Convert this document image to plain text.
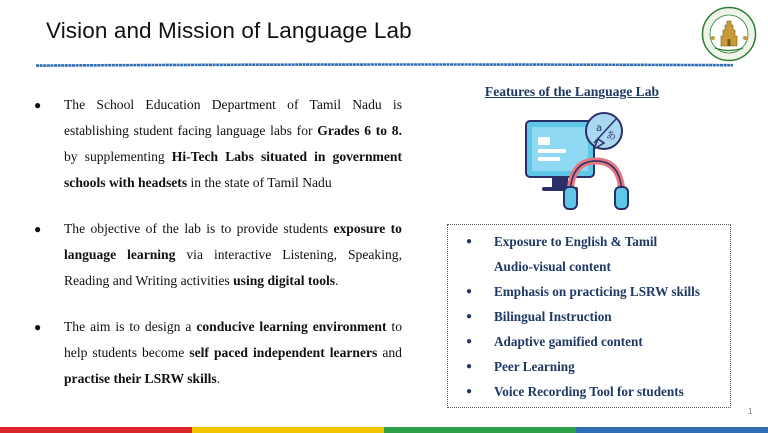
Vision and Mission of Language Lab
● The School Education Department of Tamil Nadu is establishing student facing language labs for Grades 6 to 8. by supplementing Hi-Tech Labs situated in government schools with headsets in the state of Tamil Nadu
● The objective of the lab is to provide students exposure to language learning via interactive Listening, Speaking, Reading and Writing activities using digital tools.
● The aim is to design a conducive learning environment to help students become self paced independent learners and practise their LSRW skills.
Features of the Language Lab
a
あ
● Exposure to English & Tamil
Audio-visual content
● Emphasis on practicing LSRW skills
● Bilingual Instruction
● Adaptive gamified content
● Peer Learning
● Voice Recording Tool for students
1
